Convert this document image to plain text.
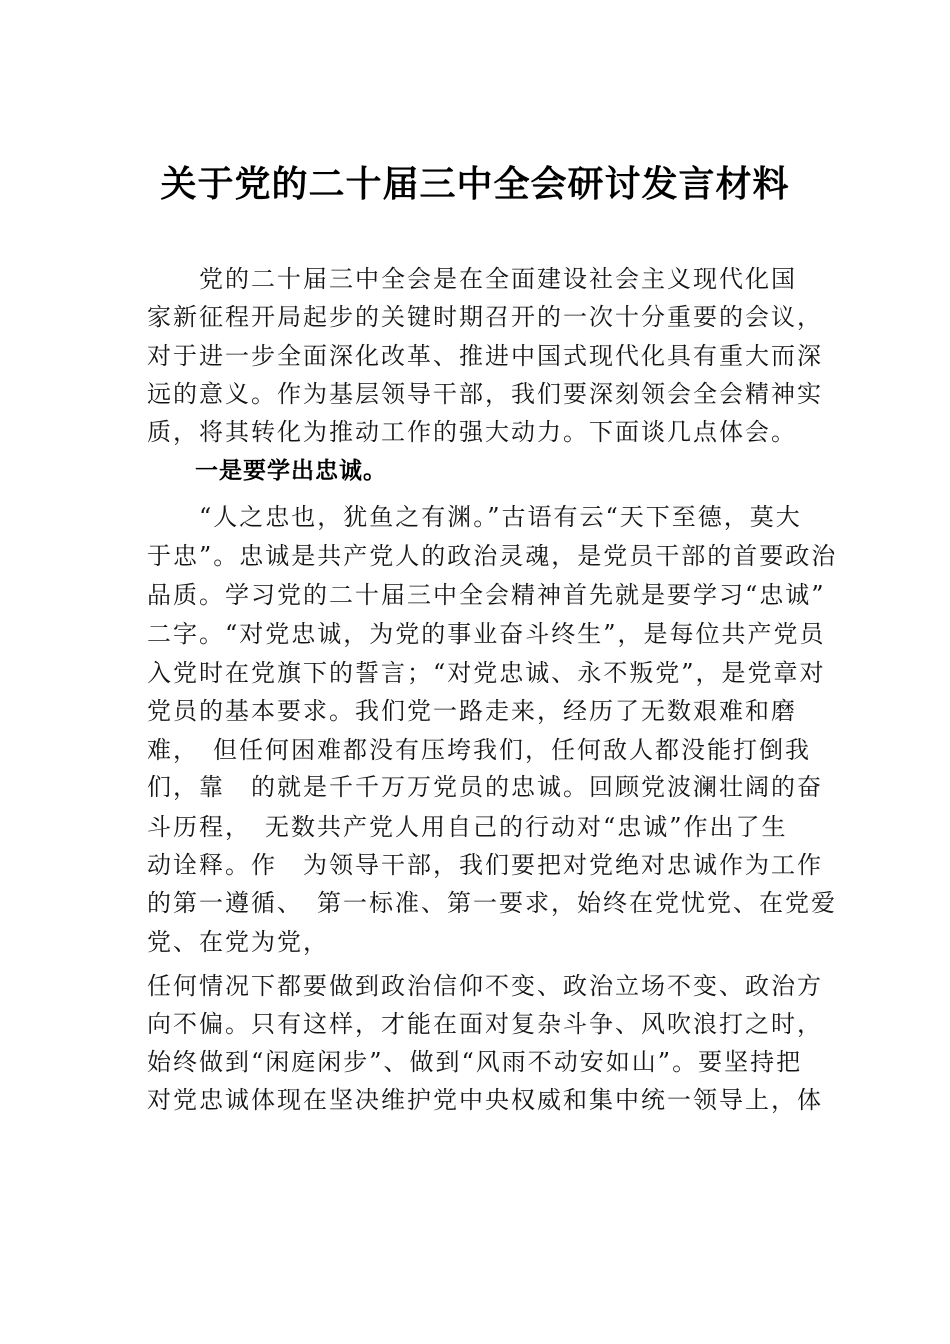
关于党的二十届三中全会研讨发言材料
　　党的二十届三中全会是在全面建设社会主义现代化国
家新征程开局起步的关键时期召开的一次十分重要的会议，
对于进一步全面深化改革、推进中国式现代化具有重大而深
远的意义。作为基层领导干部，我们要深刻领会全会精神实
质，将其转化为推动工作的强大动力。下面谈几点体会。
　　一是要学出忠诚。
　　“人之忠也，犹鱼之有渊。”古语有云“天下至德，莫大
于忠”。忠诚是共产党人的政治灵魂，是党员干部的首要政治
品质。学习党的二十届三中全会精神首先就是要学习“忠诚”
二字。“对党忠诚，为党的事业奋斗终生”，是每位共产党员
入党时在党旗下的誓言；“对党忠诚、永不叛党”，是党章对
党员的基本要求。我们党一路走来，经历了无数艰难和磨
难，　但任何困难都没有压垮我们，任何敌人都没能打倒我
们，靠　的就是千千万万党员的忠诚。回顾党波澜壮阔的奋
斗历程，　无数共产党人用自己的行动对“忠诚”作出了生
动诠释。作　为领导干部，我们要把对党绝对忠诚作为工作
的第一遵循、　第一标准、第一要求，始终在党忧党、在党爱
党、在党为党，
任何情况下都要做到政治信仰不变、政治立场不变、政治方
向不偏。只有这样，才能在面对复杂斗争、风吹浪打之时，
始终做到“闲庭闲步”、做到“风雨不动安如山”。要坚持把
对党忠诚体现在坚决维护党中央权威和集中统一领导上，体
